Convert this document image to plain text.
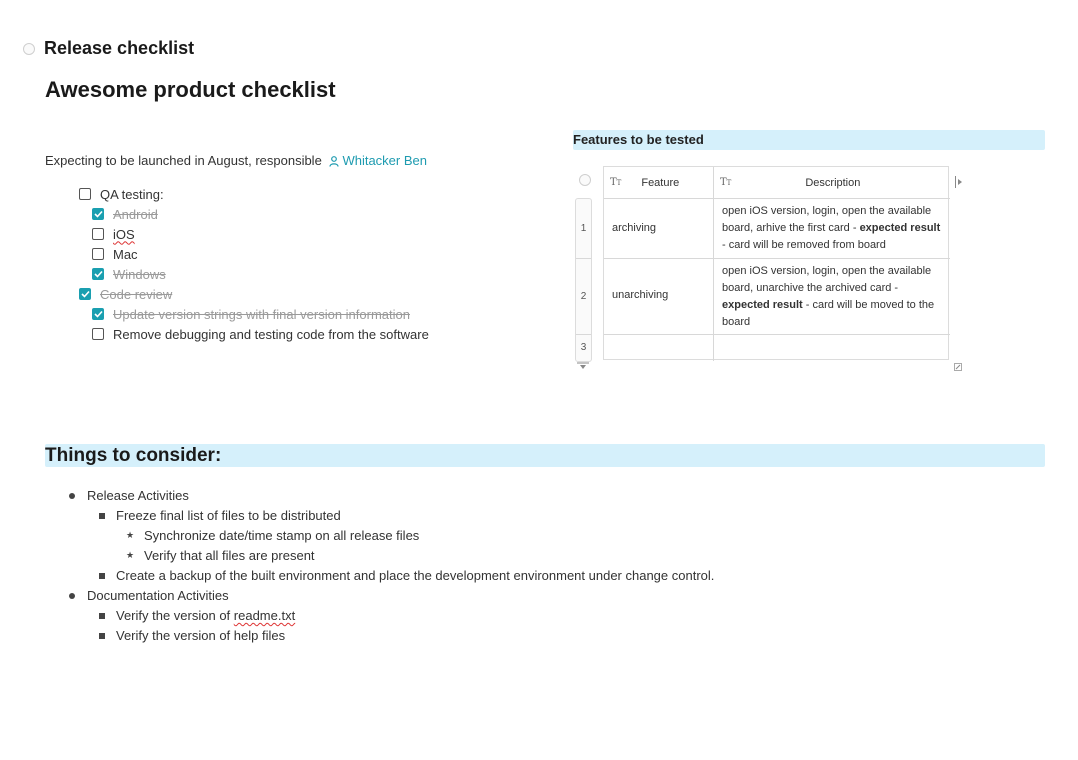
Release checklist
Awesome product checklist
Expecting to be launched in August, responsible Whitacker Ben
QA testing:
Android
iOS
Mac
Windows
Code review
Update version strings with final version information
Remove debugging and testing code from the software
Features to be tested
1
2
3
TT Feature	TT	Description
archiving
open iOS version, login, open the available board, arhive the first card - expected result - card will be removed from board
unarchiving
open iOS version, login, open the available board, unarchive the archived card - expected result - card will be moved to the board
Things to consider:
Release Activities
Freeze final list of files to be distributed
★ Synchronize date/time stamp on all release files
★ Verify that all files are present
Create a backup of the built environment and place the development environment under change control.
Documentation Activities
Verify the version of readme.txt
Verify the version of help files
